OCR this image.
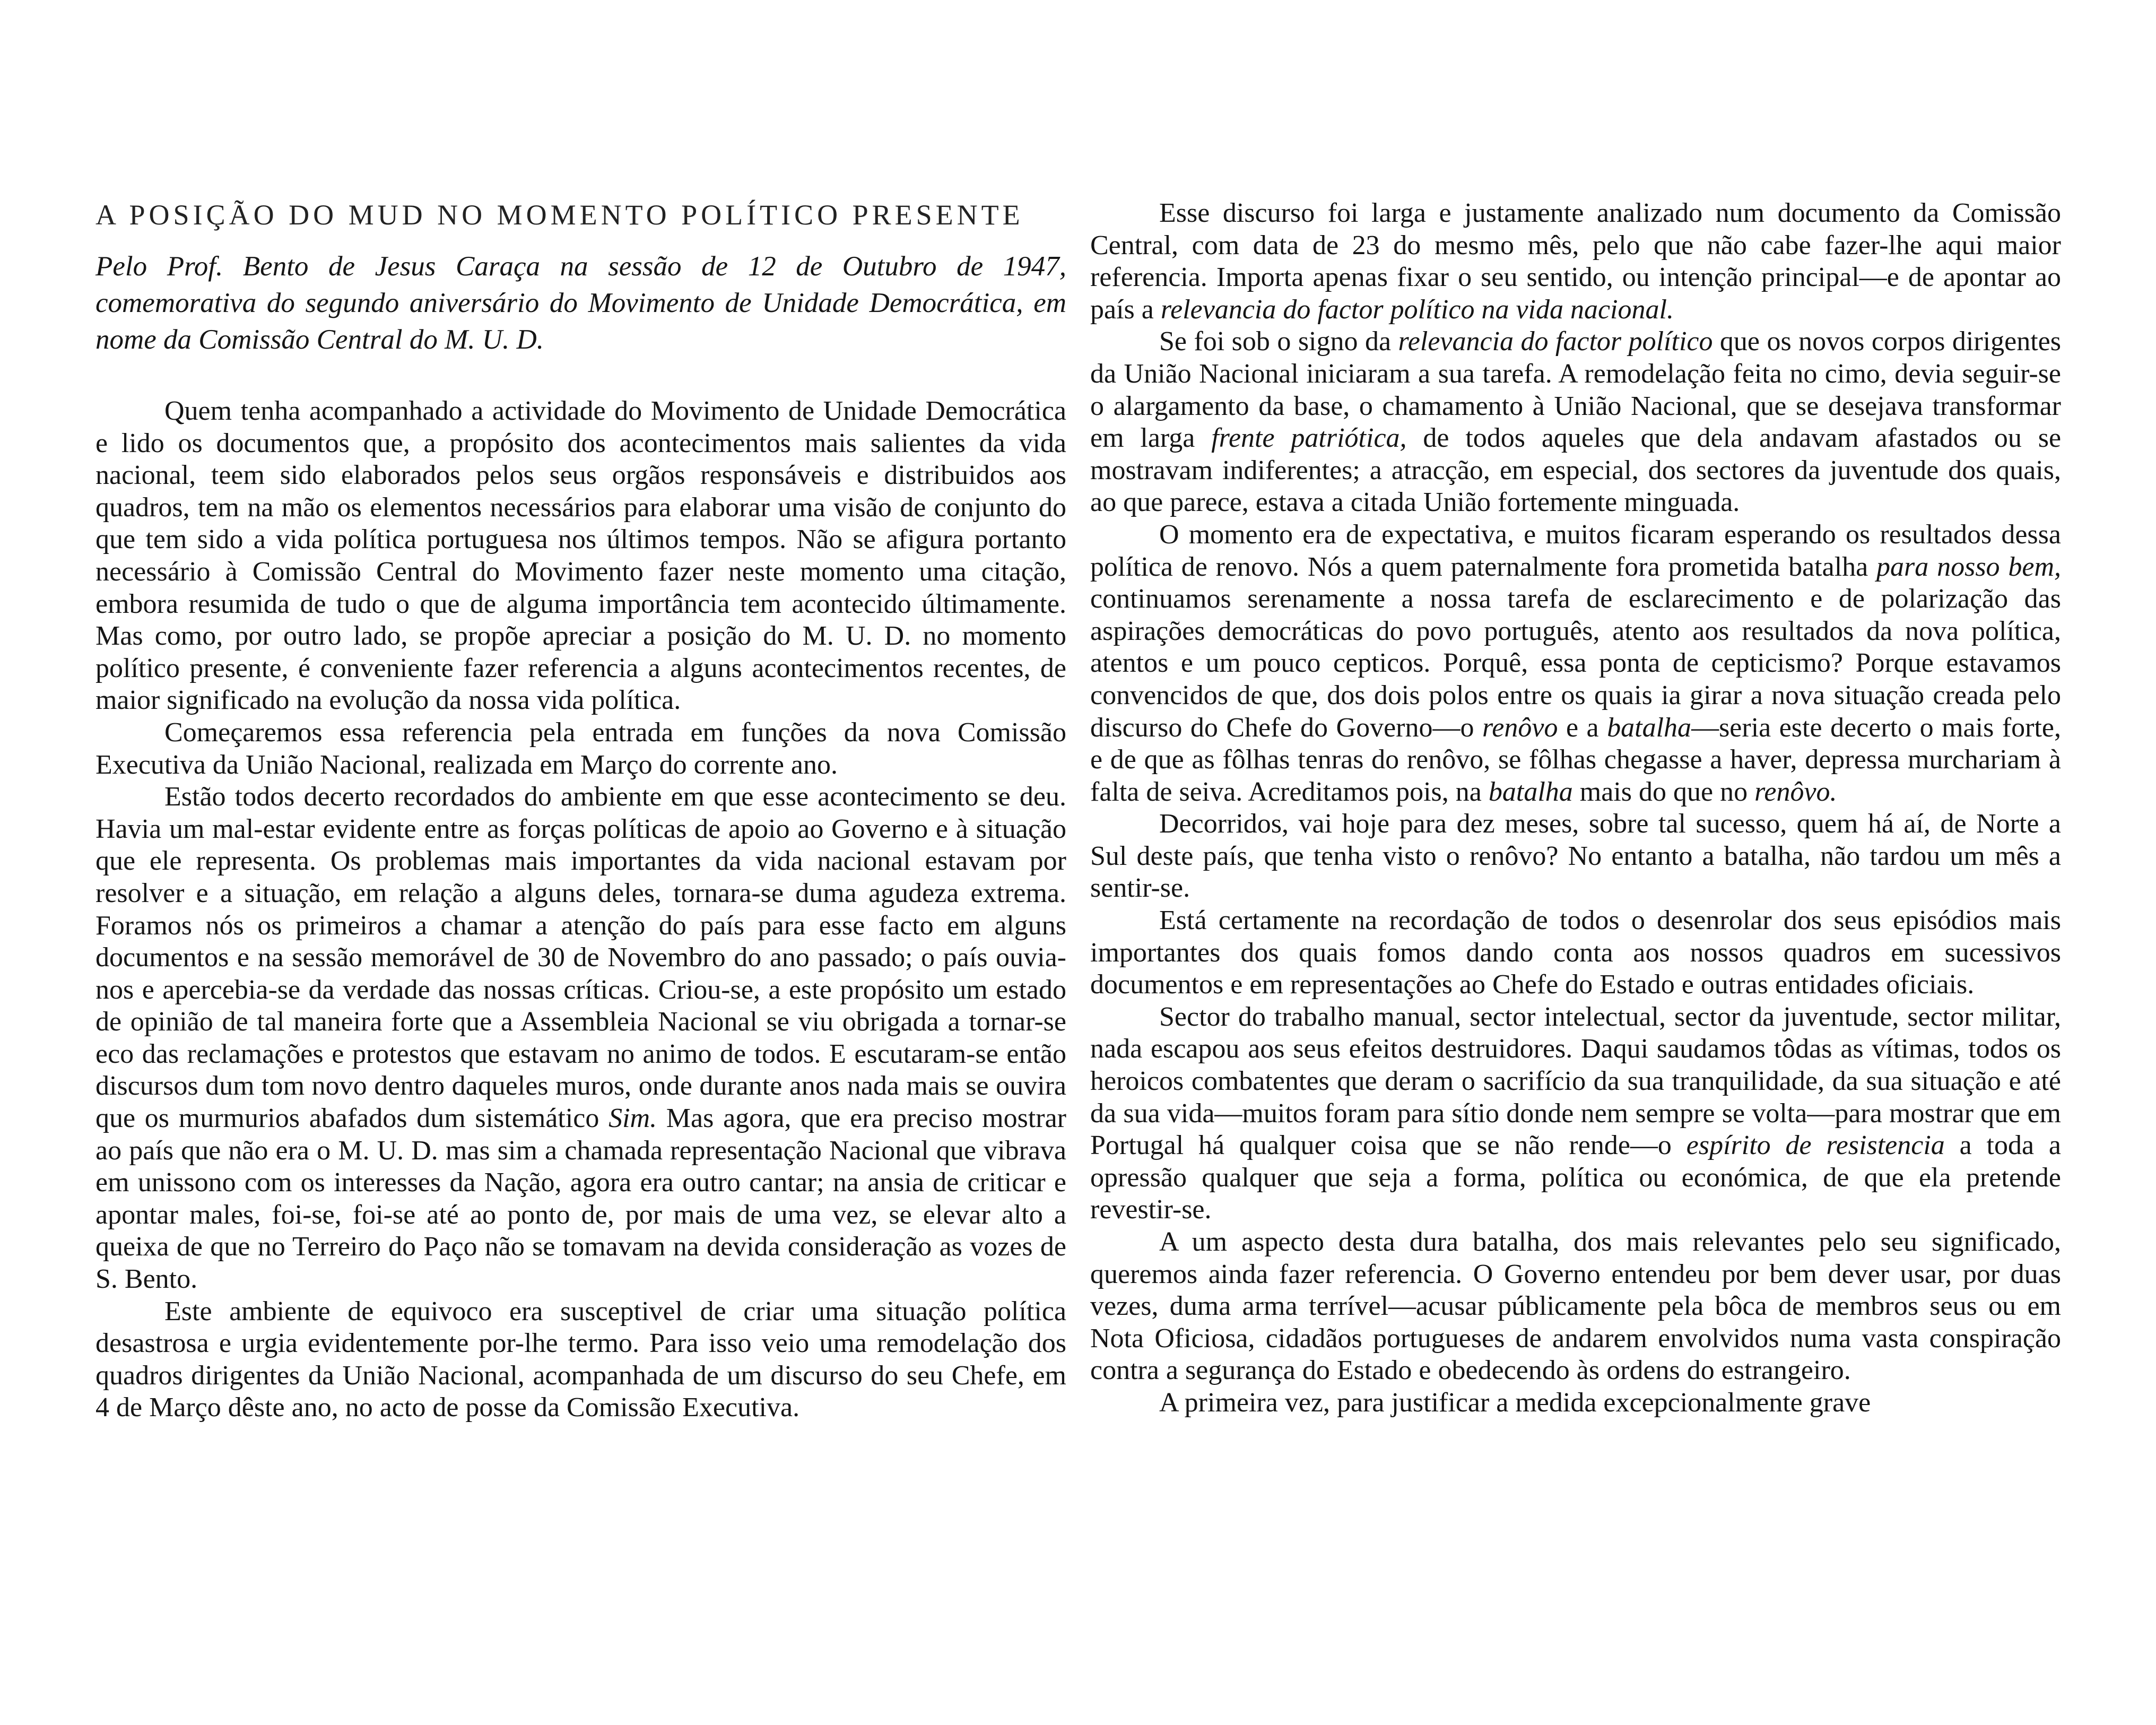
A POSIÇÃO DO MUD NO MOMENTO POLÍTICO PRESENTE
Pelo Prof. Bento de Jesus Caraça na sessão de 12 de Outubro de 1947, comemorativa do segundo aniversário do Movimento de Unidade Democrática, em nome da Comissão Central do M. U. D.

Quem tenha acompanhado a actividade do Movimento de Unidade Democrática e lido os documentos que, a propósito dos acontecimentos mais salientes da vida nacional, teem sido elaborados pelos seus orgãos responsáveis e distribuidos aos quadros, tem na mão os elementos necessários para elaborar uma visão de conjunto do que tem sido a vida política portuguesa nos últimos tempos. Não se afigura portanto necessário à Comissão Central do Movimento fazer neste momento uma citação, embora resumida de tudo o que de alguma importância tem acontecido últimamente. Mas como, por outro lado, se propõe apreciar a posição do M. U. D. no momento político presente, é conveniente fazer referencia a alguns acontecimentos recentes, de maior significado na evolução da nossa vida política.

Começaremos essa referencia pela entrada em funções da nova Comissão Executiva da União Nacional, realizada em Março do corrente ano.

Estão todos decerto recordados do ambiente em que esse acontecimento se deu. Havia um mal-estar evidente entre as forças políticas de apoio ao Governo e à situação que ele representa. Os problemas mais importantes da vida nacional estavam por resolver e a situação, em relação a alguns deles, tornara-se duma agudeza extrema. Foramos nós os primeiros a chamar a atenção do país para esse facto em alguns documentos e na sessão memorável de 30 de Novembro do ano passado; o país ouvia-nos e apercebia-se da verdade das nossas críticas. Criou-se, a este propósito um estado de opinião de tal maneira forte que a Assembleia Nacional se viu obrigada a tornar-se eco das reclamações e protestos que estavam no animo de todos. E escutaram-se então discursos dum tom novo dentro daqueles muros, onde durante anos nada mais se ouvira que os murmurios abafados dum sistemático Sim. Mas agora, que era preciso mostrar ao país que não era o M. U. D. mas sim a chamada representação Nacional que vibrava em unissono com os interesses da Nação, agora era outro cantar; na ansia de criticar e apontar males, foi-se, foi-se até ao ponto de, por mais de uma vez, se elevar alto a queixa de que no Terreiro do Paço não se tomavam na devida consideração as vozes de S. Bento.

Este ambiente de equivoco era susceptivel de criar uma situação política desastrosa e urgia evidentemente por-lhe termo. Para isso veio uma remodelação dos quadros dirigentes da União Nacional, acompanhada de um discurso do seu Chefe, em 4 de Março dêste ano, no acto de posse da Comissão Executiva.

Esse discurso foi larga e justamente analizado num documento da Comissão Central, com data de 23 do mesmo mês, pelo que não cabe fazer-lhe aqui maior referencia. Importa apenas fixar o seu sentido, ou intenção principal—e de apontar ao país a relevancia do factor político na vida nacional.

Se foi sob o signo da relevancia do factor político que os novos corpos dirigentes da União Nacional iniciaram a sua tarefa. A remodelação feita no cimo, devia seguir-se o alargamento da base, o chamamento à União Nacional, que se desejava transformar em larga frente patriótica, de todos aqueles que dela andavam afastados ou se mostravam indiferentes; a atracção, em especial, dos sectores da juventude dos quais, ao que parece, estava a citada União fortemente minguada.

O momento era de expectativa, e muitos ficaram esperando os resultados dessa política de renovo. Nós a quem paternalmente fora prometida batalha para nosso bem, continuamos serenamente a nossa tarefa de esclarecimento e de polarização das aspirações democráticas do povo português, atento aos resultados da nova política, atentos e um pouco cepticos. Porquê, essa ponta de cepticismo? Porque estavamos convencidos de que, dos dois polos entre os quais ia girar a nova situação creada pelo discurso do Chefe do Governo—o renôvo e a batalha—seria este decerto o mais forte, e de que as fôlhas tenras do renôvo, se fôlhas chegasse a haver, depressa murchariam à falta de seiva. Acreditamos pois, na batalha mais do que no renôvo.

Decorridos, vai hoje para dez meses, sobre tal sucesso, quem há aí, de Norte a Sul deste país, que tenha visto o renôvo? No entanto a batalha, não tardou um mês a sentir-se.

Está certamente na recordação de todos o desenrolar dos seus episódios mais importantes dos quais fomos dando conta aos nossos quadros em sucessivos documentos e em representações ao Chefe do Estado e outras entidades oficiais.

Sector do trabalho manual, sector intelectual, sector da juventude, sector militar, nada escapou aos seus efeitos destruidores. Daqui saudamos tôdas as vítimas, todos os heroicos combatentes que deram o sacrifício da sua tranquilidade, da sua situação e até da sua vida—muitos foram para sítio donde nem sempre se volta—para mostrar que em Portugal há qualquer coisa que se não rende—o espírito de resistencia a toda a opressão qualquer que seja a forma, política ou económica, de que ela pretende revestir-se.

A um aspecto desta dura batalha, dos mais relevantes pelo seu significado, queremos ainda fazer referencia. O Governo entendeu por bem dever usar, por duas vezes, duma arma terrível—acusar públicamente pela bôca de membros seus ou em Nota Oficiosa, cidadãos portugueses de andarem envolvidos numa vasta conspiração contra a segurança do Estado e obedecendo às ordens do estrangeiro.

A primeira vez, para justificar a medida excepcionalmente grave
